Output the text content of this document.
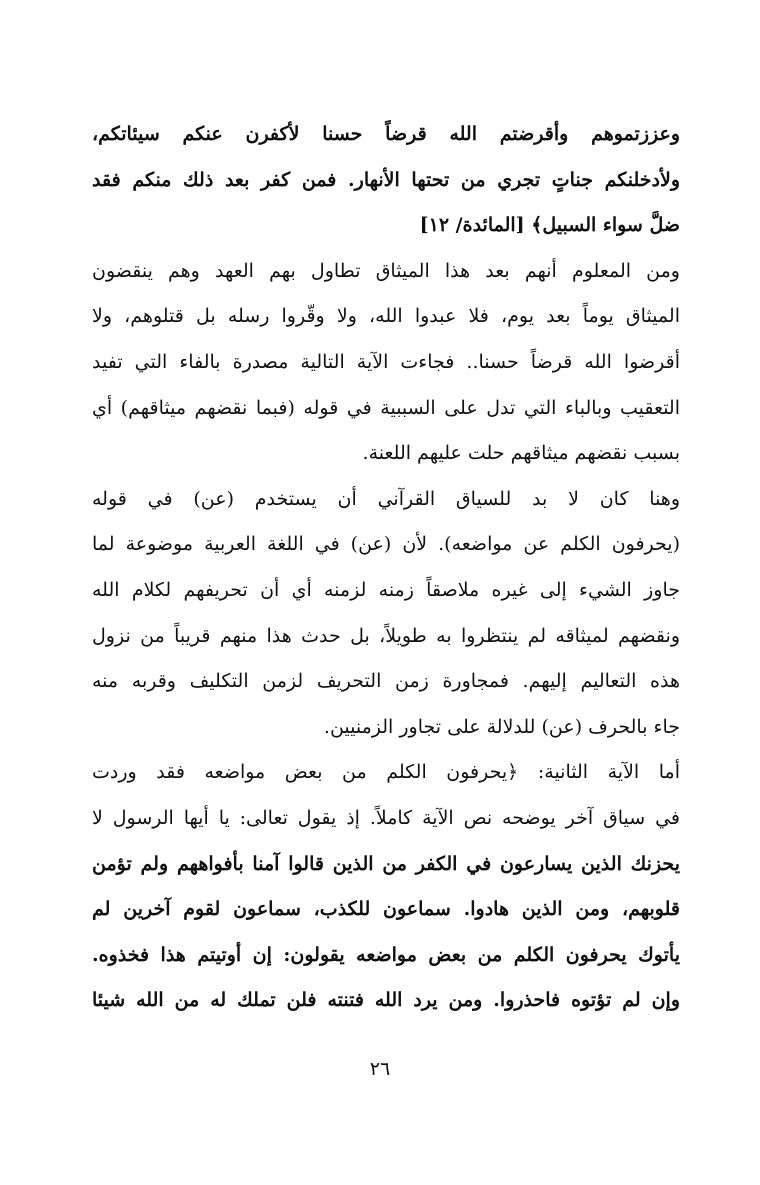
وعززتموهم وأقرضتم الله قرضاً حسنا لأكفرن عنكم سيئاتكم،
ولأدخلنكم جناتٍ تجري من تحتها الأنهار. فمن كفر بعد ذلك منكم فقد
ضلَّ سواء السبيل﴾ [المائدة/ ١٢]
ومن المعلوم أنهم بعد هذا الميثاق تطاول بهم العهد وهم ينقضون
الميثاق يوماً بعد يوم، فلا عبدوا الله، ولا وقّروا رسله بل قتلوهم، ولا
أقرضوا الله قرضاً حسنا.. فجاءت الآية التالية مصدرة بالفاء التي تفيد
التعقيب وبالباء التي تدل على السببية في قوله (فبما نقضهم ميثاقهم) أي
بسبب نقضهم ميثاقهم حلت عليهم اللعنة.
وهنا كان لا بد للسياق القرآني أن يستخدم (عن) في قوله
(يحرفون الكلم عن مواضعه). لأن (عن) في اللغة العربية موضوعة لما
جاوز الشيء إلى غيره ملاصقاً زمنه لزمنه أي أن تحريفهم لكلام الله
ونقضهم لميثاقه لم ينتظروا به طويلاً، بل حدث هذا منهم قريباً من نزول
هذه التعاليم إليهم. فمجاورة زمن التحريف لزمن التكليف وقربه منه
جاء بالحرف (عن) للدلالة على تجاور الزمنيين.
أما الآية الثانية: ﴿يحرفون الكلم من بعض مواضعه فقد وردت
في سياق آخر يوضحه نص الآية كاملاً. إذ يقول تعالى: يا أيها الرسول لا
يحزنك الذين يسارعون في الكفر من الذين قالوا آمنا بأفواههم ولم تؤمن
قلوبهم، ومن الذين هادوا. سماعون للكذب، سماعون لقوم آخرين لم
يأتوك يحرفون الكلم من بعض مواضعه يقولون: إن أوتيتم هذا فخذوه.
وإن لم تؤتوه فاحذروا. ومن يرد الله فتنته فلن تملك له من الله شيئا
٢٦
